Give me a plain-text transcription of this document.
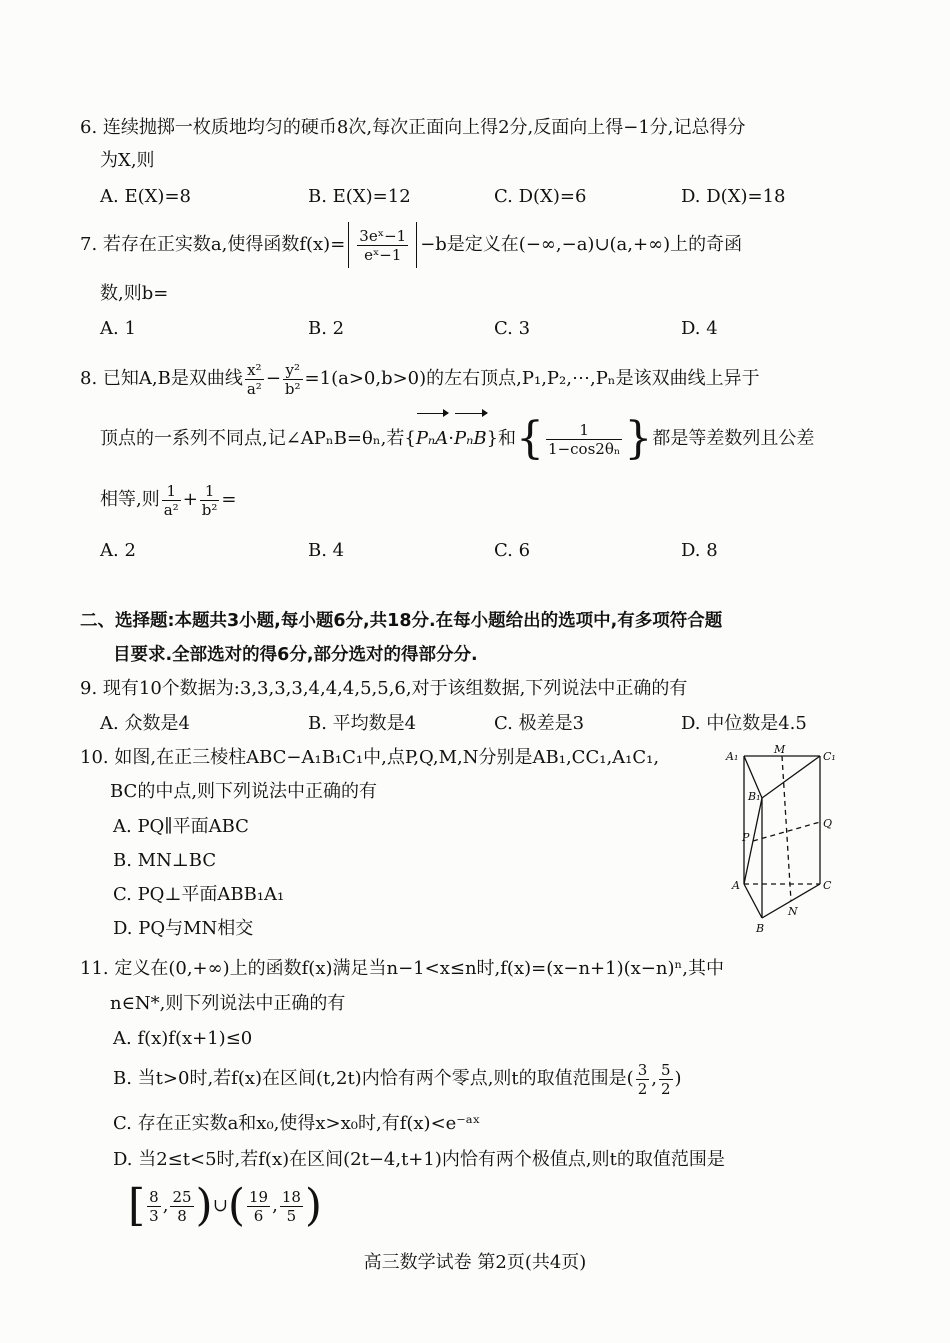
6. 连续抛掷一枚质地均匀的硬币8次,每次正面向上得2分,反面向上得−1分,记总得分
为X,则
A. E(X)=8	B. E(X)=12	C. D(X)=6	D. D(X)=18
7. 若存在正实数a,使得函数$f(x)= \frac{\text{3eˣ−1}}{\text{eˣ−1}} -b$是定义在(−∞,−a)∪(a,+∞)上的奇函
数,则b=
A. 1	B. 2	C. 3	D. 4
8. 已知A,B是双曲线 $\frac{\text{x²}}{\text{a²}} - \frac{\text{y²}}{\text{b²}} =1(a>0,b>0)$的左右顶点,P₁,P₂,⋯,Pₙ是该双曲线上异于
顶点的一系列不同点,记∠APₙB=θₙ,若{PₙA·PₙB}和{ $\frac{1}{\text{1−cos2θₙ}}$ }都是等差数列且公差
相等,则 $\frac{1}{\text{a²}} + \frac{1}{\text{b²}}$ =
A. 2	B. 4	C. 6	D. 8
二、选择题:本题共3小题,每小题6分,共18分.在每小题给出的选项中,有多项符合题
目要求.全部选对的得6分,部分选对的得部分分.
9. 现有10个数据为:3,3,3,3,4,4,4,5,5,6,对于该组数据,下列说法中正确的有
A. 众数是4	B. 平均数是4	C. 极差是3	D. 中位数是4.5
10. 如图,在正三棱柱ABC−A₁B₁C₁中,点P,Q,M,N分别是AB₁,CC₁,A₁C₁,
BC的中点,则下列说法中正确的有
A. PQ∥平面ABC
B. MN⊥BC
C. PQ⊥平面ABB₁A₁
D. PQ与MN相交
A₁
M
C₁
B₁
P
Q
A	C
N
B
11. 定义在(0,+∞)上的函数f(x)满足当n−1<x≤n时,f(x)=(x−n+1)(x−n)ⁿ,其中
n∈N*,则下列说法中正确的有
A. f(x)f(x+1)≤0
B. 当t>0时,若f(x)在区间(t,2t)内恰有两个零点,则t的取值范围是( $\frac{3}{2}$ , $\frac{5}{2}$ )
C. 存在正实数a和x₀,使得x>x₀时,有f(x)<e⁻ᵃˣ
D. 当2≤t<5时,若f(x)在区间(2t−4,t+1)内恰有两个极值点,则t的取值范围是
[ $\frac{8}{3}$ , $\frac{25}{8}$ )∪( $\frac{19}{6}$ , $\frac{18}{5}$ )
高三数学试卷 第2页(共4页)
